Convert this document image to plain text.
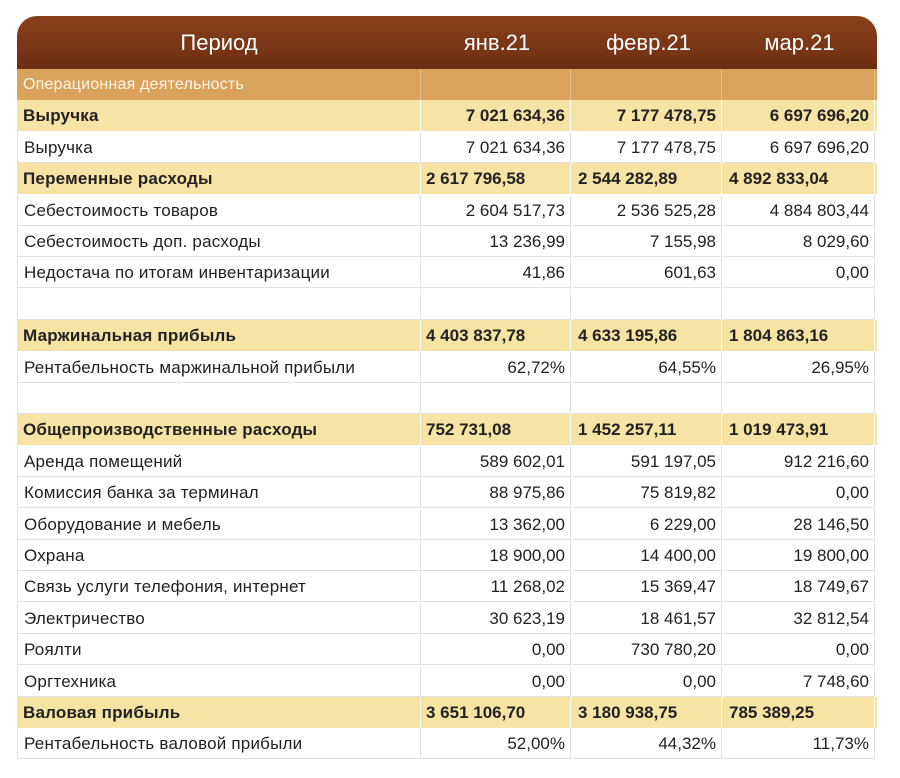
Период	янв.21	февр.21	мар.21
Операционная деятельность
Выручка	7 021 634,36	7 177 478,75	6 697 696,20
Выручка	7 021 634,36	7 177 478,75	6 697 696,20
Переменные расходы	2 617 796,58	2 544 282,89	4 892 833,04
Себестоимость товаров	2 604 517,73	2 536 525,28	4 884 803,44
Себестоимость доп. расходы	13 236,99	7 155,98	8 029,60
Недостача по итогам инвентаризации	41,86	601,63	0,00
Маржинальная прибыль	4 403 837,78	4 633 195,86	1 804 863,16
Рентабельность маржинальной прибыли	62,72%	64,55%	26,95%
Общепроизводственные расходы	752 731,08	1 452 257,11	1 019 473,91
Аренда помещений	589 602,01	591 197,05	912 216,60
Комиссия банка за терминал	88 975,86	75 819,82	0,00
Оборудование и мебель	13 362,00	6 229,00	28 146,50
Охрана	18 900,00	14 400,00	19 800,00
Связь услуги телефония, интернет	11 268,02	15 369,47	18 749,67
Электричество	30 623,19	18 461,57	32 812,54
Роялти	0,00	730 780,20	0,00
Оргтехника	0,00	0,00	7 748,60
Валовая прибыль	3 651 106,70	3 180 938,75	785 389,25
Рентабельность валовой прибыли	52,00%	44,32%	11,73%
